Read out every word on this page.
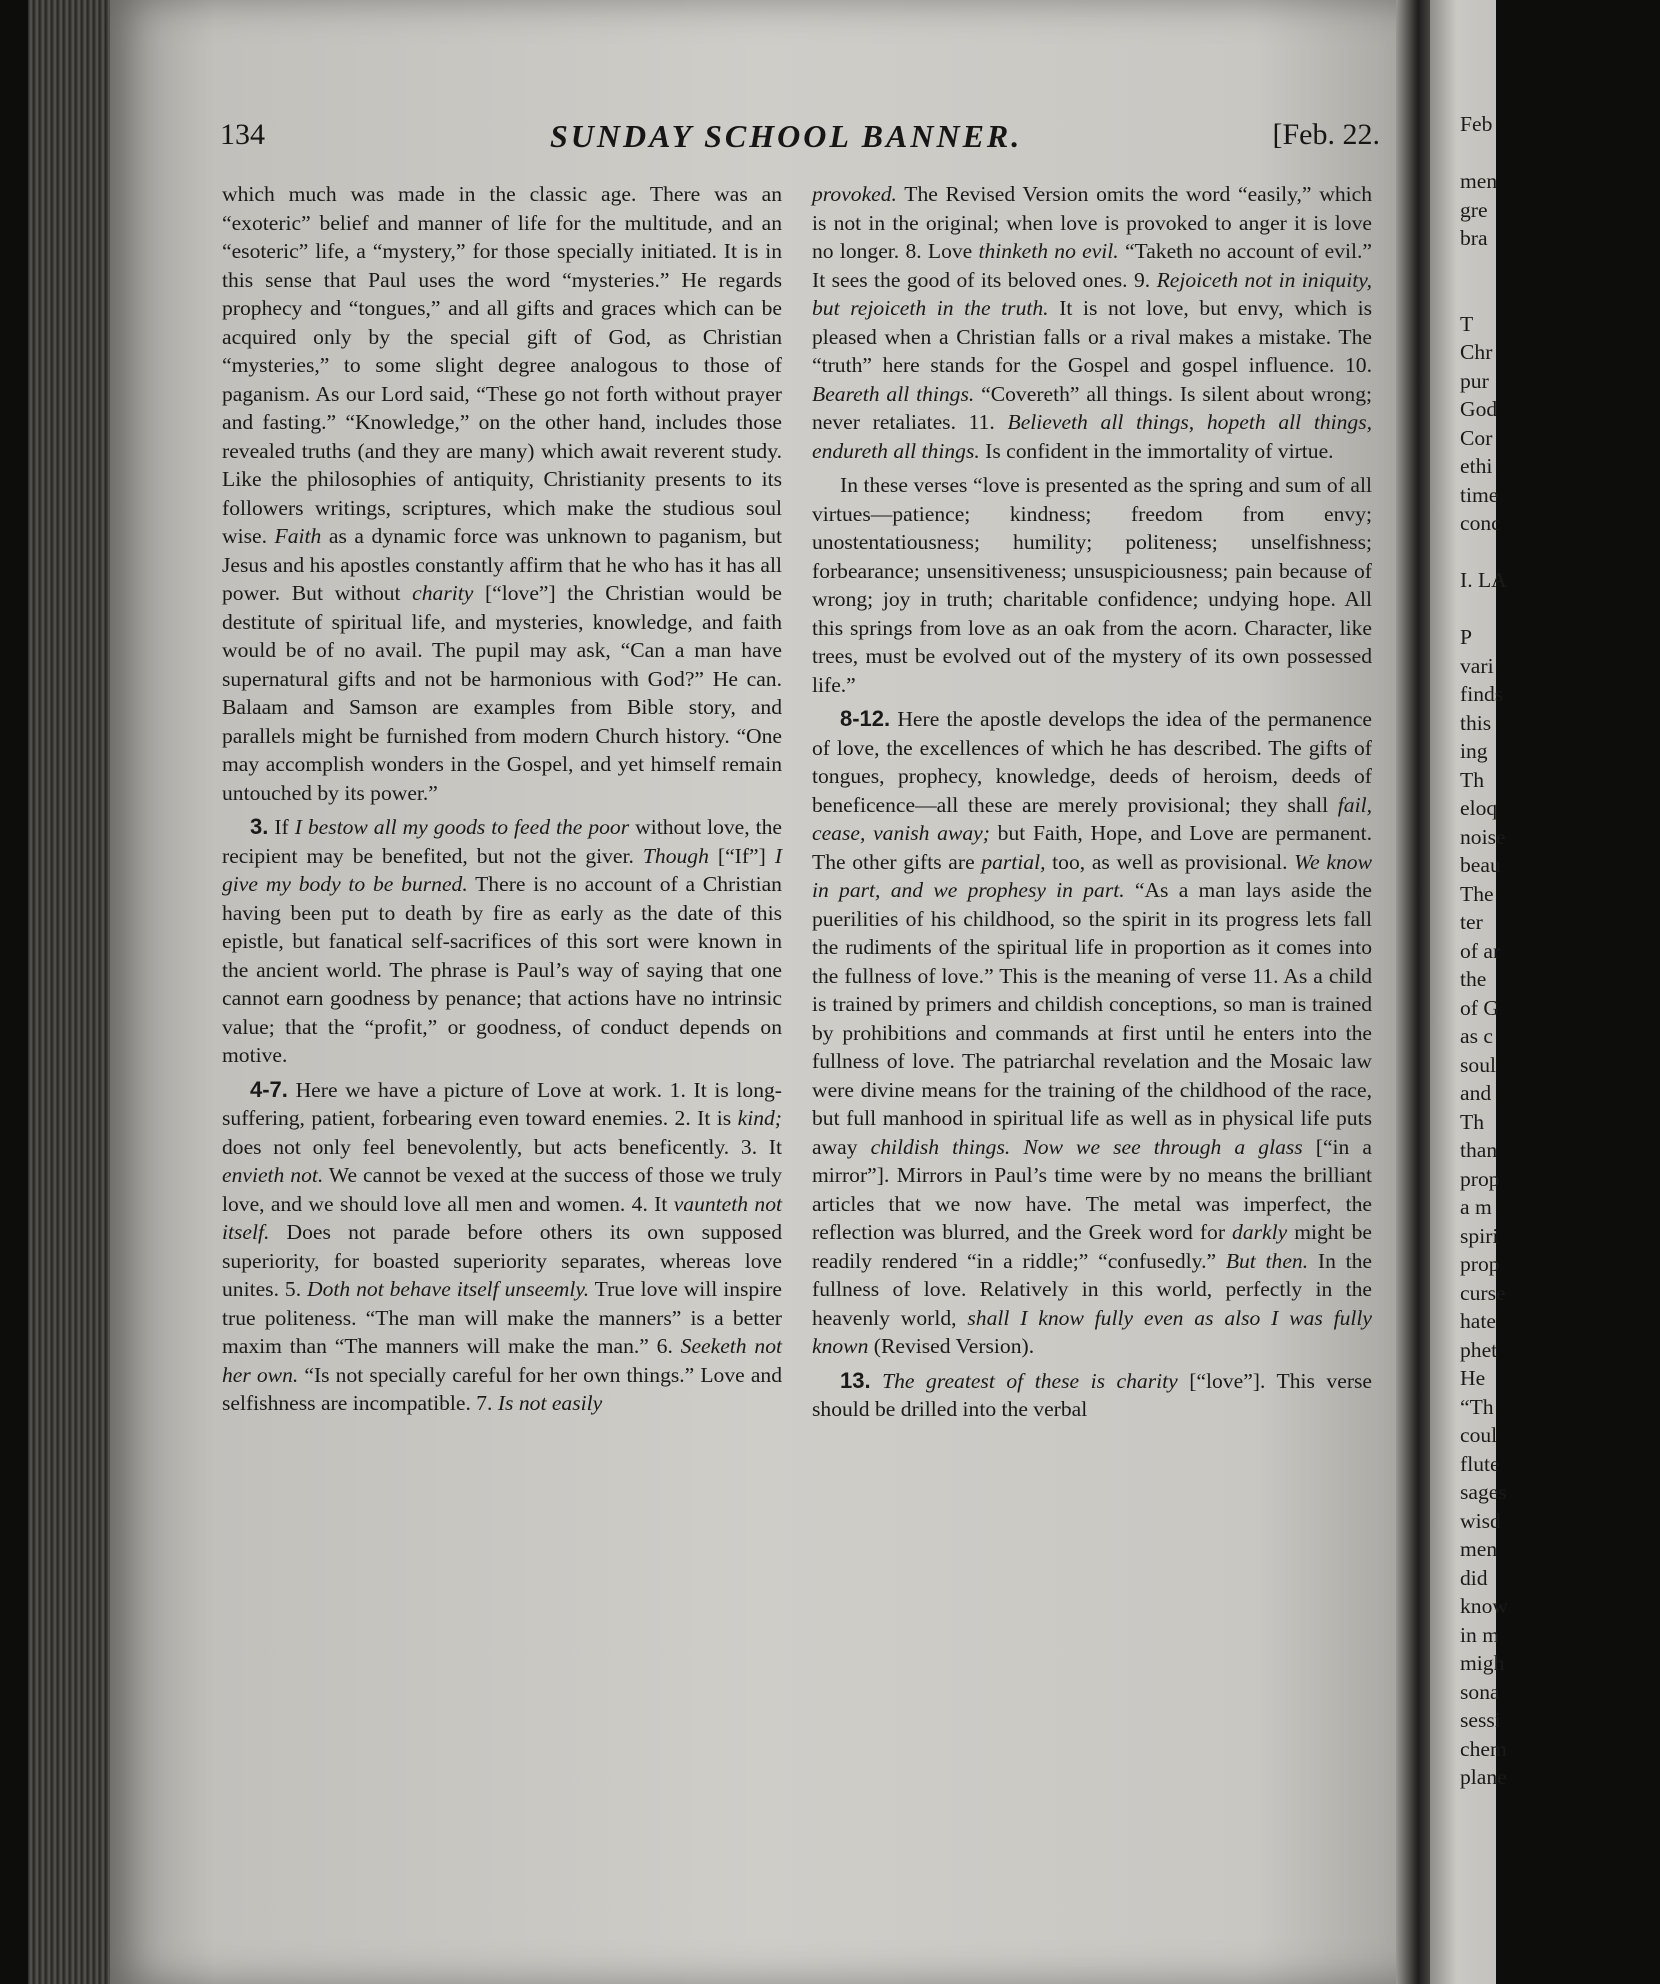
Feb

men
gre
bra

T
Chr
pur
God
Cor
ethi
time
conc

I. LA

P
vari
finds
this
ing
Th
eloq
noise
beau
The
ter
of ar
the
of G
as c
soul
and
Th
than
prop
a m
spiri
prop
curse
hate
phet
He
“Th
coul
flute
sages
wisd
men
did
know
in m
migh
sona
sessi
chem
plane
134	SUNDAY SCHOOL BANNER.	[Feb. 22.

which much was made in the classic age. There was an “exoteric” belief and manner of life for the multitude, and an “esoteric” life, a “mystery,” for those specially initiated. It is in this sense that Paul uses the word “mysteries.” He regards prophecy and “tongues,” and all gifts and graces which can be acquired only by the special gift of God, as Christian “mysteries,” to some slight degree analogous to those of paganism. As our Lord said, “These go not forth without prayer and fasting.” “Knowledge,” on the other hand, includes those revealed truths (and they are many) which await reverent study. Like the philosophies of antiquity, Christianity presents to its followers writings, scriptures, which make the studious soul wise. Faith as a dynamic force was unknown to paganism, but Jesus and his apostles constantly affirm that he who has it has all power. But without charity [“love”] the Christian would be destitute of spiritual life, and mysteries, knowledge, and faith would be of no avail. The pupil may ask, “Can a man have supernatural gifts and not be harmonious with God?” He can. Balaam and Samson are examples from Bible story, and parallels might be furnished from modern Church history. “One may accomplish wonders in the Gospel, and yet himself remain untouched by its power.”

3. If I bestow all my goods to feed the poor without love, the recipient may be benefited, but not the giver. Though [“If”] I give my body to be burned. There is no account of a Christian having been put to death by fire as early as the date of this epistle, but fanatical self-sacrifices of this sort were known in the ancient world. The phrase is Paul’s way of saying that one cannot earn goodness by penance; that actions have no intrinsic value; that the “profit,” or goodness, of conduct depends on motive.

4-7. Here we have a picture of Love at work. 1. It is long-suffering, patient, forbearing even toward enemies. 2. It is kind; does not only feel benevolently, but acts beneficently. 3. It envieth not. We cannot be vexed at the success of those we truly love, and we should love all men and women. 4. It vaunteth not itself. Does not parade before others its own supposed superiority, for boasted superiority separates, whereas love unites. 5. Doth not behave itself unseemly. True love will inspire true politeness. “The man will make the manners” is a better maxim than “The manners will make the man.” 6. Seeketh not her own. “Is not specially careful for her own things.” Love and selfishness are incompatible. 7. Is not easily

provoked. The Revised Version omits the word “easily,” which is not in the original; when love is provoked to anger it is love no longer. 8. Love thinketh no evil. “Taketh no account of evil.” It sees the good of its beloved ones. 9. Rejoiceth not in iniquity, but rejoiceth in the truth. It is not love, but envy, which is pleased when a Christian falls or a rival makes a mistake. The “truth” here stands for the Gospel and gospel influence. 10. Beareth all things. “Covereth” all things. Is silent about wrong; never retaliates. 11. Believeth all things, hopeth all things, endureth all things. Is confident in the immortality of virtue.

In these verses “love is presented as the spring and sum of all virtues—patience; kindness; freedom from envy; unostentatiousness; humility; politeness; unselfishness; forbearance; unsensitiveness; unsuspiciousness; pain because of wrong; joy in truth; charitable confidence; undying hope. All this springs from love as an oak from the acorn. Character, like trees, must be evolved out of the mystery of its own possessed life.”

8-12. Here the apostle develops the idea of the permanence of love, the excellences of which he has described. The gifts of tongues, prophecy, knowledge, deeds of heroism, deeds of beneficence—all these are merely provisional; they shall fail, cease, vanish away; but Faith, Hope, and Love are permanent. The other gifts are partial, too, as well as provisional. We know in part, and we prophesy in part. “As a man lays aside the puerilities of his childhood, so the spirit in its progress lets fall the rudiments of the spiritual life in proportion as it comes into the fullness of love.” This is the meaning of verse 11. As a child is trained by primers and childish conceptions, so man is trained by prohibitions and commands at first until he enters into the fullness of love. The patriarchal revelation and the Mosaic law were divine means for the training of the childhood of the race, but full manhood in spiritual life as well as in physical life puts away childish things. Now we see through a glass [“in a mirror”]. Mirrors in Paul’s time were by no means the brilliant articles that we now have. The metal was imperfect, the reflection was blurred, and the Greek word for darkly might be readily rendered “in a riddle;” “confusedly.” But then. In the fullness of love. Relatively in this world, perfectly in the heavenly world, shall I know fully even as also I was fully known (Revised Version).

13. The greatest of these is charity [“love”]. This verse should be drilled into the verbal
